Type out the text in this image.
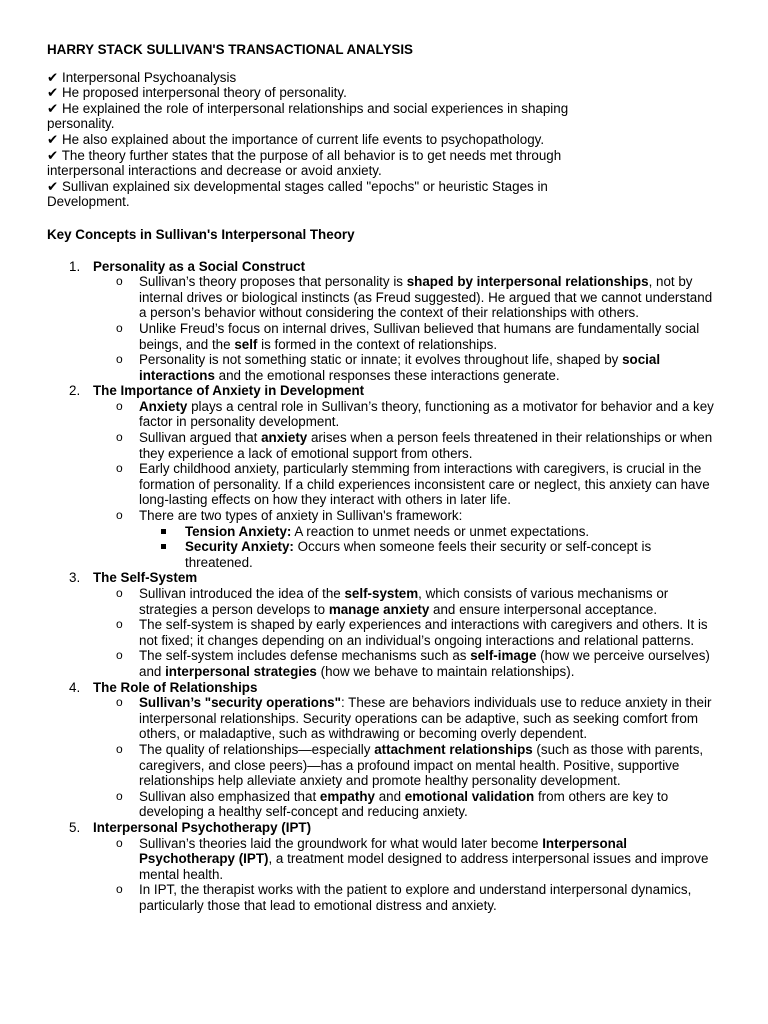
HARRY STACK SULLIVAN'S TRANSACTIONAL ANALYSIS

✔ Interpersonal Psychoanalysis

✔ He proposed interpersonal theory of personality.

✔ He explained the role of interpersonal relationships and social experiences in shaping personality.

✔ He also explained about the importance of current life events to psychopathology.

✔ The theory further states that the purpose of all behavior is to get needs met through interpersonal interactions and decrease or avoid anxiety.

✔ Sullivan explained six developmental stages called "epochs" or heuristic Stages in Development.

Key Concepts in Sullivan's Interpersonal Theory

1. Personality as a Social Construct
o Sullivan’s theory proposes that personality is shaped by interpersonal relationships, not by internal drives or biological instincts (as Freud suggested). He argued that we cannot understand a person’s behavior without considering the context of their relationships with others.
o Unlike Freud’s focus on internal drives, Sullivan believed that humans are fundamentally social beings, and the self is formed in the context of relationships.
o Personality is not something static or innate; it evolves throughout life, shaped by social interactions and the emotional responses these interactions generate.
2. The Importance of Anxiety in Development
o Anxiety plays a central role in Sullivan’s theory, functioning as a motivator for behavior and a key factor in personality development.
o Sullivan argued that anxiety arises when a person feels threatened in their relationships or when they experience a lack of emotional support from others.
o Early childhood anxiety, particularly stemming from interactions with caregivers, is crucial in the formation of personality. If a child experiences inconsistent care or neglect, this anxiety can have long-lasting effects on how they interact with others in later life.
o There are two types of anxiety in Sullivan's framework:
Tension Anxiety: A reaction to unmet needs or unmet expectations.
Security Anxiety: Occurs when someone feels their security or self-concept is threatened.
3. The Self-System
o Sullivan introduced the idea of the self-system, which consists of various mechanisms or strategies a person develops to manage anxiety and ensure interpersonal acceptance.
o The self-system is shaped by early experiences and interactions with caregivers and others. It is not fixed; it changes depending on an individual’s ongoing interactions and relational patterns.
o The self-system includes defense mechanisms such as self-image (how we perceive ourselves) and interpersonal strategies (how we behave to maintain relationships).
4. The Role of Relationships
o Sullivan’s "security operations": These are behaviors individuals use to reduce anxiety in their interpersonal relationships. Security operations can be adaptive, such as seeking comfort from others, or maladaptive, such as withdrawing or becoming overly dependent.
o The quality of relationships—especially attachment relationships (such as those with parents, caregivers, and close peers)—has a profound impact on mental health. Positive, supportive relationships help alleviate anxiety and promote healthy personality development.
o Sullivan also emphasized that empathy and emotional validation from others are key to developing a healthy self-concept and reducing anxiety.
5. Interpersonal Psychotherapy (IPT)
o Sullivan’s theories laid the groundwork for what would later become Interpersonal Psychotherapy (IPT), a treatment model designed to address interpersonal issues and improve mental health.
o In IPT, the therapist works with the patient to explore and understand interpersonal dynamics, particularly those that lead to emotional distress and anxiety.
